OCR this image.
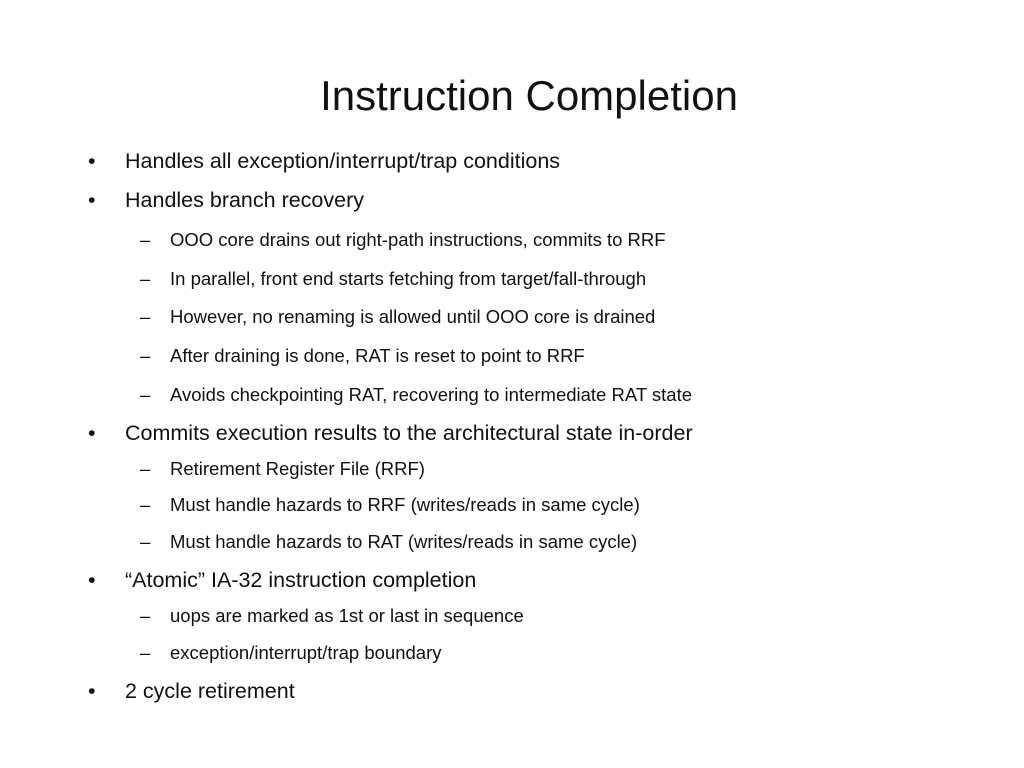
Instruction Completion
•	Handles all exception/interrupt/trap conditions
•	Handles branch recovery
–	OOO core drains out right-path instructions, commits to RRF
–	In parallel, front end starts fetching from target/fall-through
–	However, no renaming is allowed until OOO core is drained
–	After draining is done, RAT is reset to point to RRF
–	Avoids checkpointing RAT, recovering to intermediate RAT state
•	Commits execution results to the architectural state in-order
–	Retirement Register File (RRF)
–	Must handle hazards to RRF (writes/reads in same cycle)
–	Must handle hazards to RAT (writes/reads in same cycle)
•	“Atomic” IA-32 instruction completion
–	uops are marked as 1st or last in sequence
–	exception/interrupt/trap boundary
•	2 cycle retirement
